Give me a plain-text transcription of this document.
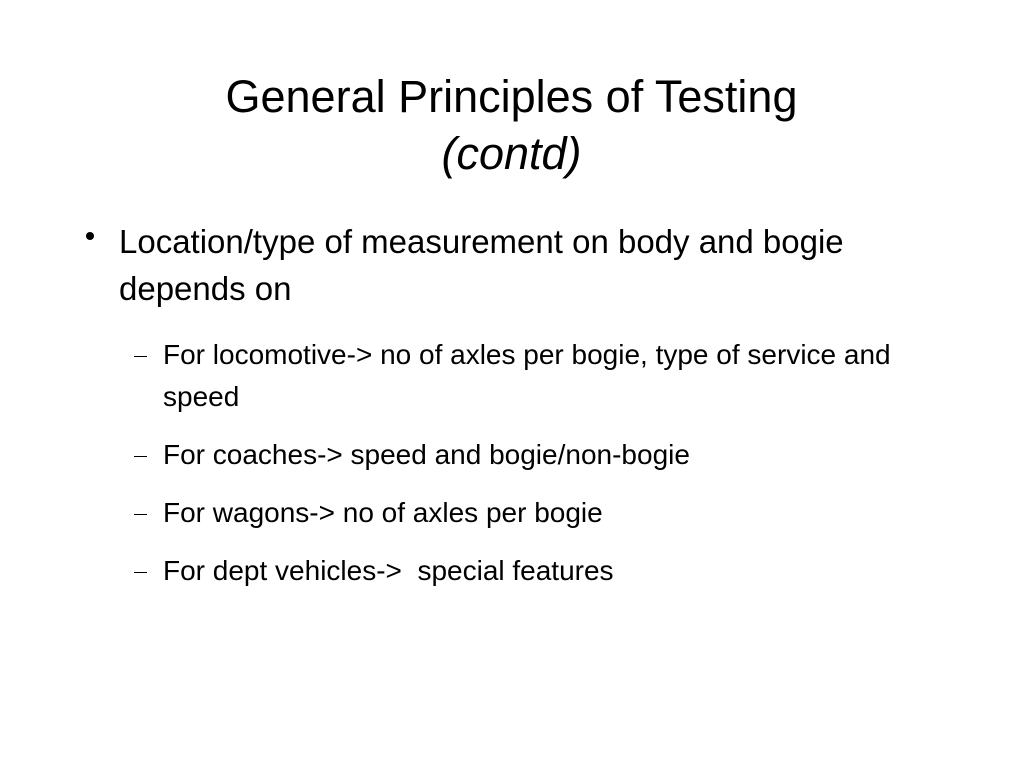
General Principles of Testing
(contd)
Location/type of measurement on body and bogie depends on
For locomotive-> no of axles per bogie, type of service and speed
For coaches-> speed and bogie/non-bogie
For wagons-> no of axles per bogie
For dept vehicles->  special features
